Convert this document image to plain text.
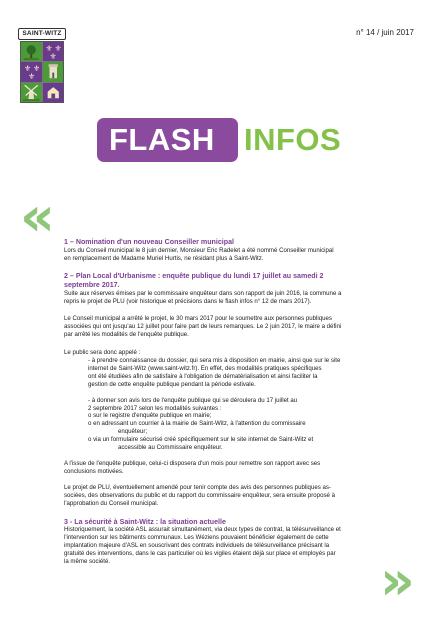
SAINT-WITZ
⚜ ⚜
⚜
⚜ ⚜
⚜
n° 14 / juin 2017
FLASH INFOS
«
»

1 – Nomination d'un nouveau Conseiller municipal

Lors du Conseil municipal le 8 juin dernier, Monsieur Eric Radelet a été nommé Conseiller municipal

en remplacement de Madame Muriel Hurtis, ne résidant plus à Saint-Witz.

2 – Plan Local d'Urbanisme : enquête publique du lundi 17 juillet au samedi 2

septembre 2017.

Suite aux réserves émises par le commissaire enquêteur dans son rapport de juin 2016, la commune a

repris le projet de PLU (voir historique et précisions dans le flash infos n° 12 de mars 2017).

Le Conseil municipal a arrêté le projet, le 30 mars 2017 pour le soumettre aux personnes publiques

associées qui ont jusqu'au 12 juillet pour faire part de leurs remarques. Le 2 juin 2017, le maire a défini

par arrêté les modalités de l'enquête publique.

Le public sera donc appelé :

- à prendre connaissance du dossier, qui sera mis à disposition en mairie, ainsi que sur le site

internet de Saint-Witz (www.saint-witz.fr). En effet, des modalités pratiques spécifiques

ont été étudiées afin de satisfaire à l'obligation de dématérialisation et ainsi faciliter la

gestion de cette enquête publique pendant la période estivale.

- à donner son avis lors de l'enquête publique qui se déroulera du 17 juillet au

2 septembre 2017 selon les modalités suivantes :

o sur le registre d'enquête publique en mairie;

o en adressant un courrier à la mairie de Saint-Witz, à l'attention du commissaire

enquêteur;

o via un formulaire sécurisé créé spécifiquement sur le site internet de Saint-Witz et

accessible au Commissaire enquêteur.

A l'issue de l'enquête publique, celui-ci disposera d'un mois pour remettre son rapport avec ses

conclusions motivées.

Le projet de PLU, éventuellement amendé pour tenir compte des avis des personnes publiques as-

sociées, des observations du public et du rapport du commissaire enquêteur, sera ensuite proposé à

l'approbation du Conseil municipal.

3 - La sécurité à Saint-Witz : la situation actuelle

Historiquement, la société ASL assurait simultanément, via deux types de contrat, la télésurveillance et

l'intervention sur les bâtiments communaux. Les Wéziens pouvaient bénéficier également de cette

implantation majeure d'ASL en souscrivant des contrats individuels de télésurveillance précisant la

gratuité des interventions, dans le cas particulier où les vigiles étaient déjà sur place et employés par

la même société.
